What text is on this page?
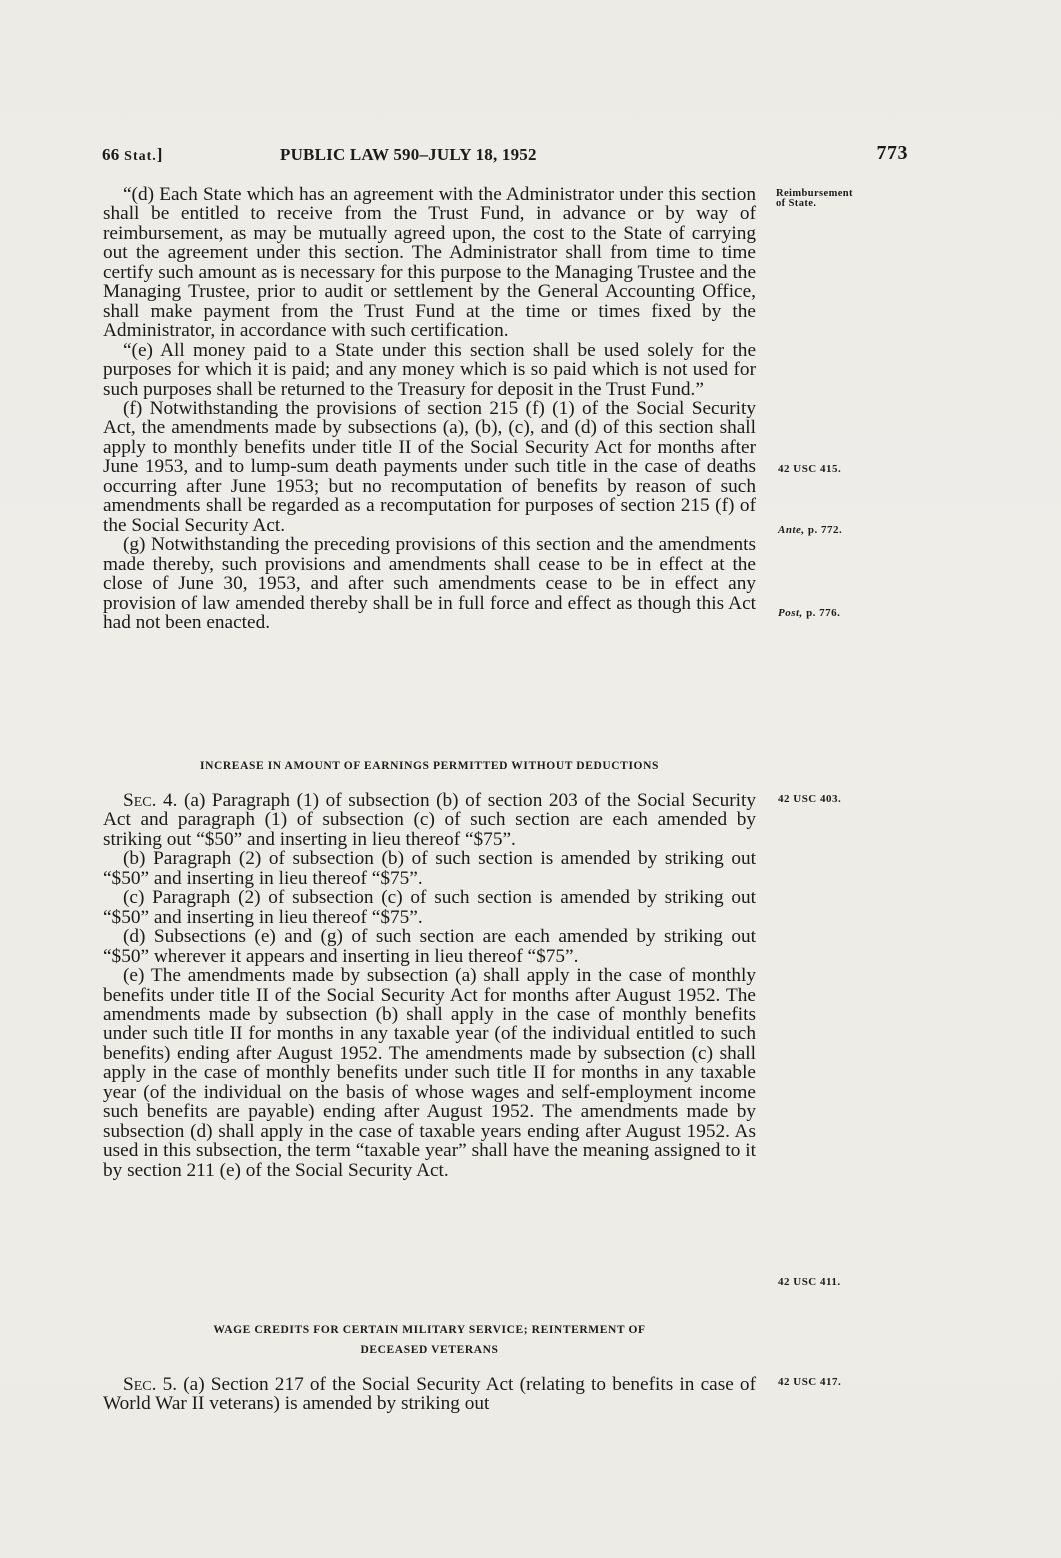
66 Stat.]	PUBLIC LAW 590–JULY 18, 1952	773

“(d) Each State which has an agreement with the Administrator under this section shall be entitled to receive from the Trust Fund, in advance or by way of reimbursement, as may be mutually agreed upon, the cost to the State of carrying out the agreement under this section. The Administrator shall from time to time certify such amount as is necessary for this purpose to the Managing Trustee and the Managing Trustee, prior to audit or settlement by the General Accounting Office, shall make payment from the Trust Fund at the time or times fixed by the Administrator, in accordance with such certification.

“(e) All money paid to a State under this section shall be used solely for the purposes for which it is paid; and any money which is so paid which is not used for such purposes shall be returned to the Treasury for deposit in the Trust Fund.”

(f) Notwithstanding the provisions of section 215 (f) (1) of the Social Security Act, the amendments made by subsections (a), (b), (c), and (d) of this section shall apply to monthly benefits under title II of the Social Security Act for months after June 1953, and to lump-sum death payments under such title in the case of deaths occurring after June 1953; but no recomputation of benefits by reason of such amendments shall be regarded as a recomputation for purposes of section 215 (f) of the Social Security Act.

(g) Notwithstanding the preceding provisions of this section and the amendments made thereby, such provisions and amendments shall cease to be in effect at the close of June 30, 1953, and after such amendments cease to be in effect any provision of law amended thereby shall be in full force and effect as though this Act had not been enacted.

INCREASE IN AMOUNT OF EARNINGS PERMITTED WITHOUT DEDUCTIONS

Sec. 4. (a) Paragraph (1) of subsection (b) of section 203 of the Social Security Act and paragraph (1) of subsection (c) of such section are each amended by striking out “$50” and inserting in lieu thereof “$75”.

(b) Paragraph (2) of subsection (b) of such section is amended by striking out “$50” and inserting in lieu thereof “$75”.

(c) Paragraph (2) of subsection (c) of such section is amended by striking out “$50” and inserting in lieu thereof “$75”.

(d) Subsections (e) and (g) of such section are each amended by striking out “$50” wherever it appears and inserting in lieu thereof “$75”.

(e) The amendments made by subsection (a) shall apply in the case of monthly benefits under title II of the Social Security Act for months after August 1952. The amendments made by subsection (b) shall apply in the case of monthly benefits under such title II for months in any taxable year (of the individual entitled to such benefits) ending after August 1952. The amendments made by subsection (c) shall apply in the case of monthly benefits under such title II for months in any taxable year (of the individual on the basis of whose wages and self-employment income such benefits are payable) ending after August 1952. The amendments made by subsection (d) shall apply in the case of taxable years ending after August 1952. As used in this subsection, the term “taxable year” shall have the meaning assigned to it by section 211 (e) of the Social Security Act.

WAGE CREDITS FOR CERTAIN MILITARY SERVICE; REINTERMENT OF
DECEASED VETERANS

Sec. 5. (a) Section 217 of the Social Security Act (relating to benefits in case of World War II veterans) is amended by striking out

Reimbursement
of State.
42 USC 415.
Ante, p. 772.
Post, p. 776.
42 USC 403.
42 USC 411.
42 USC 417.
